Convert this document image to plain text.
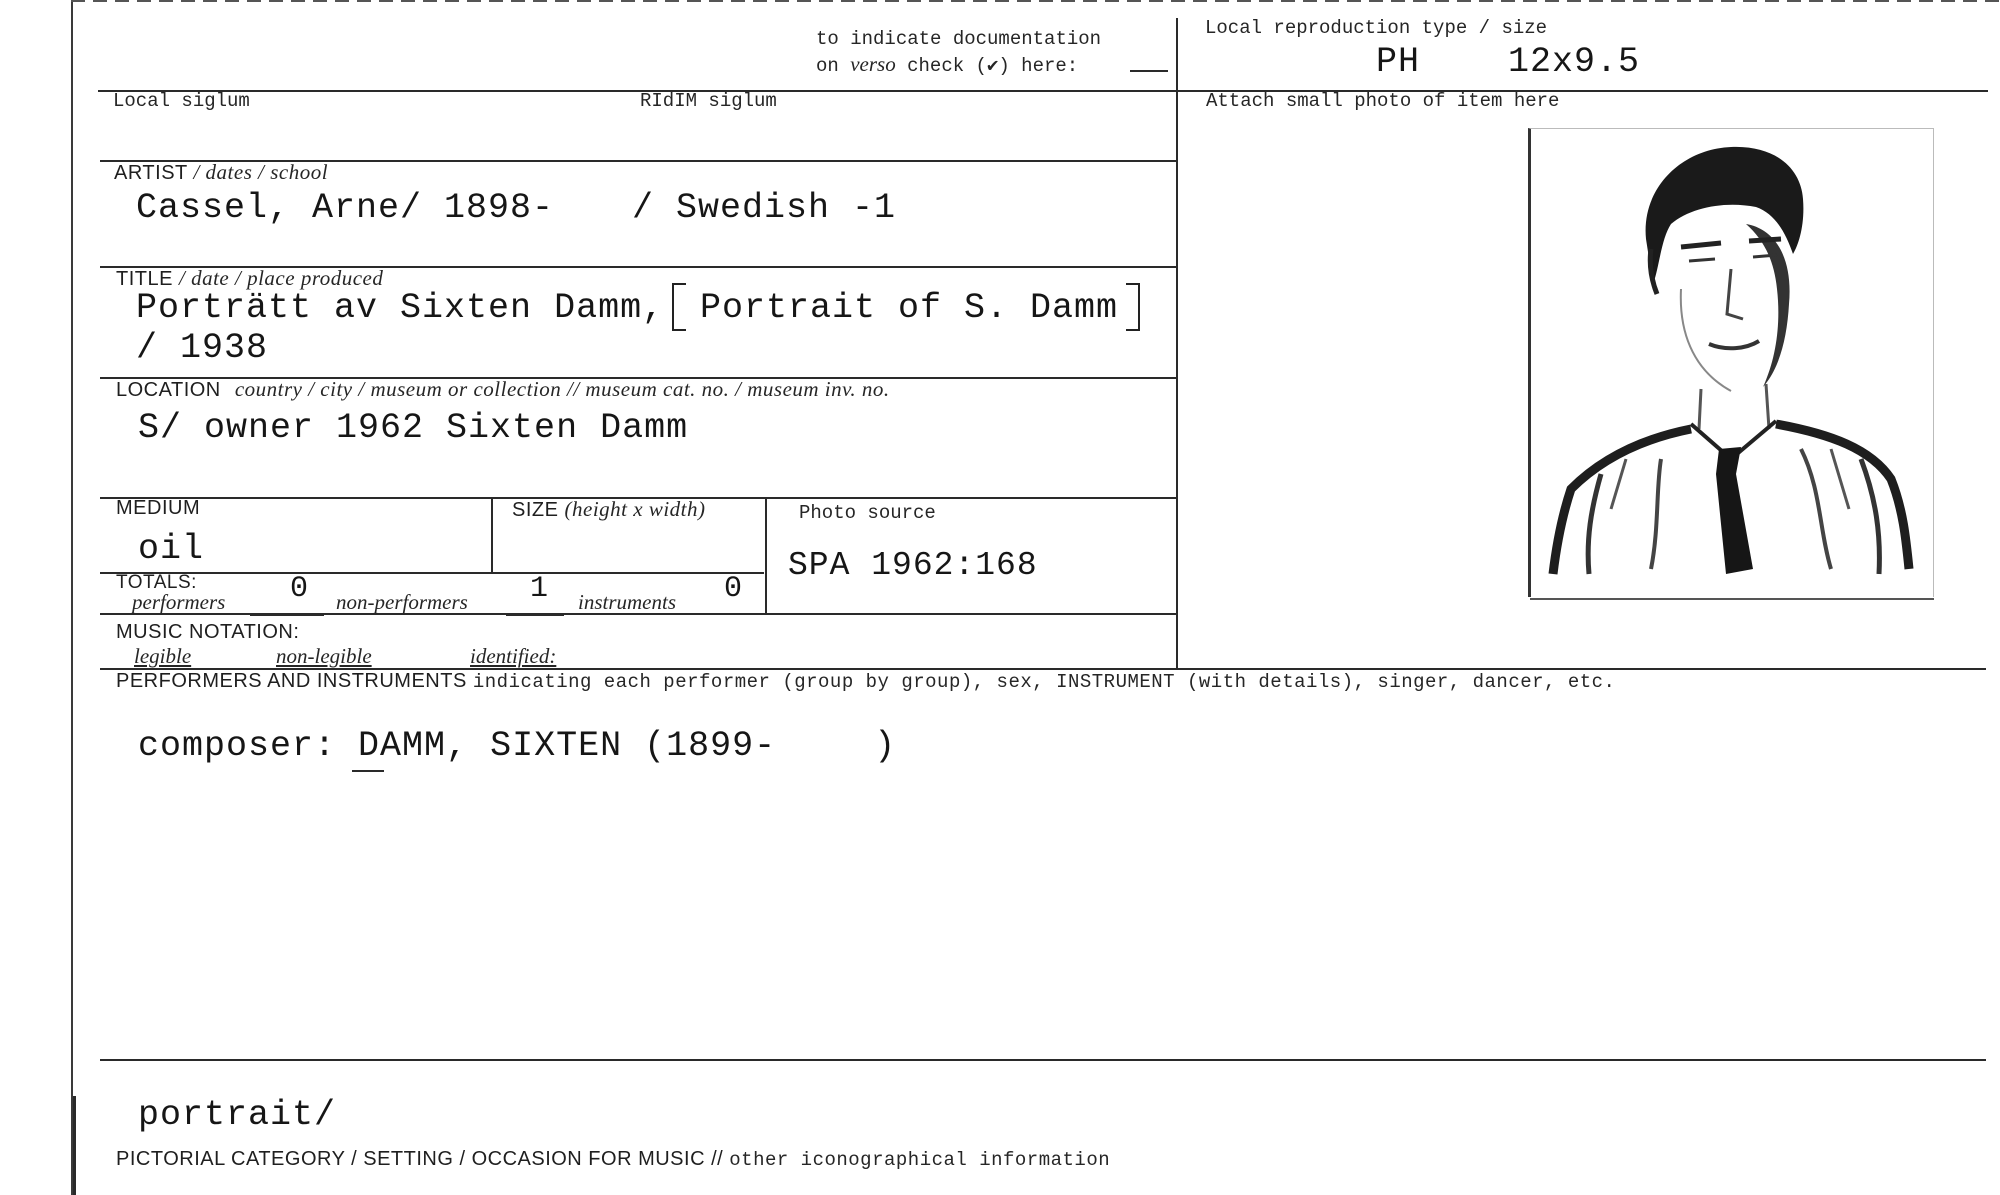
to indicate documentation
on verso check (✔) here:
Local reproduction type / size
PH	12x9.5
Local siglum	RIdIM siglum	Attach small photo of item here
ARTIST / dates / school
Cassel, Arne/ 1898- / Swedish -1
TITLE / date / place produced
Porträtt av Sixten Damm, Portrait of S. Damm
/ 1938
LOCATION country / city / museum or collection // museum cat. no. / museum inv. no.
S/ owner 1962 Sixten Damm
MEDIUM
oil
SIZE (height x width)	Photo source
SPA 1962:168
TOTALS:
performers 0 non-performers 1 instruments 0
MUSIC NOTATION:
legible	non-legible	identified:
PERFORMERS AND INSTRUMENTS indicating each performer (group by group), sex, INSTRUMENT (with details), singer, dancer, etc.
composer: DAMM, SIXTEN (1899-	)
portrait/
PICTORIAL CATEGORY / SETTING / OCCASION FOR MUSIC // other iconographical information
